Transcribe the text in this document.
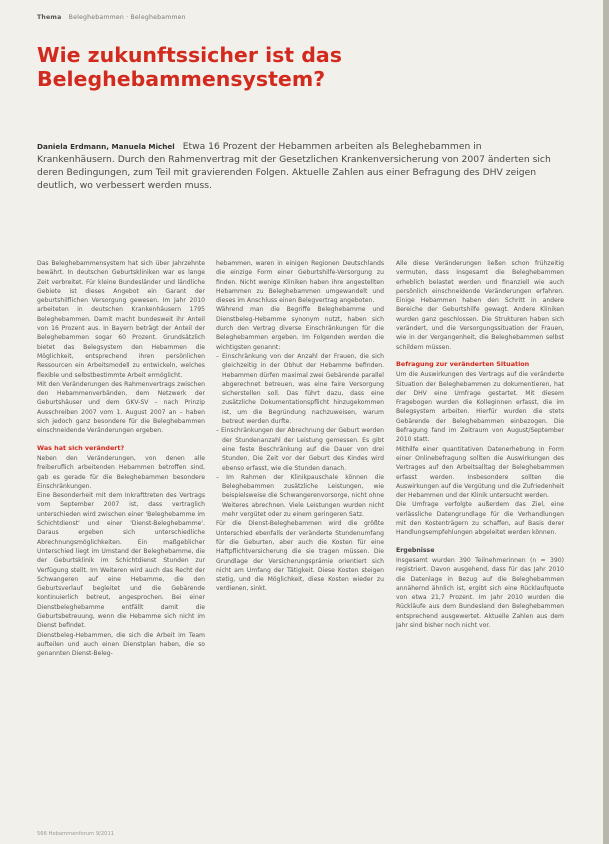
Thema Beleghebammen · Beleghebammen
Wie zukunftssicher ist das Beleghebammensystem?
Daniela Erdmann, Manuela Michel Etwa 16 Prozent der Hebammen arbeiten als Beleghebammen in Krankenhäusern. Durch den Rahmenvertrag mit der Gesetzlichen Krankenversicherung von 2007 änderten sich deren Bedingungen, zum Teil mit gravierenden Folgen. Aktuelle Zahlen aus einer Befragung des DHV zeigen deutlich, wo verbessert werden muss.

Das Beleghebammensystem hat sich über Jahrzehnte bewährt. In deutschen Geburtskliniken war es lange Zeit verbreitet. Für kleine Bundesländer und ländliche Gebiete ist dieses Angebot ein Garant der geburtshilflichen Versorgung gewesen. Im Jahr 2010 arbeiteten in deutschen Krankenhäusern 1795 Beleghebammen. Damit macht bundesweit ihr Anteil von 16 Prozent aus. In Bayern beträgt der Anteil der Beleghebammen sogar 60 Prozent. Grundsätzlich bietet das Belegsystem den Hebammen die Möglichkeit, entsprechend ihren persönlichen Ressourcen ein Arbeitsmodell zu entwickeln, welches flexible und selbstbestimmte Arbeit ermöglicht.

Mit den Veränderungen des Rahmenvertrags zwischen den Hebammenverbänden, dem Netzwerk der Geburtshäuser und dem GKV-SV – nach Prinzip Ausschreiben 2007 vom 1. August 2007 an – haben sich jedoch ganz besondere für die Beleghebammen einschneidende Veränderungen ergeben.

Was hat sich verändert?

Neben den Veränderungen, von denen alle freiberuflich arbeitenden Hebammen betroffen sind, gab es gerade für die Beleghebammen besondere Einschränkungen.

Eine Besonderheit mit dem Inkrafttreten des Vertrags vom September 2007 ist, dass vertraglich unterschieden wird zwischen einer 'Beleghebamme im Schichtdienst' und einer 'Dienst-Beleghebamme'. Daraus ergeben sich unterschiedliche Abrechnungsmöglichkeiten. Ein maßgeblicher Unterschied liegt im Umstand der Beleghebamme, die der Geburtsklinik im Schichtdienst Stunden zur Verfügung stellt. Im Weiteren wird auch das Recht der Schwangeren auf eine Hebamme, die den Geburtsverlauf begleitet und die Gebärende kontinuierlich betreut, angesprochen. Bei einer Dienstbeleghebamme entfällt damit die Geburtsbetreuung, wenn die Hebamme sich nicht im Dienst befindet.

Dienstbeleg-Hebammen, die sich die Arbeit im Team aufteilen und auch einen Dienstplan haben, die so genannten Dienst-Beleg-

hebammen, waren in einigen Regionen Deutschlands die einzige Form einer Geburtshilfe-Versorgung zu finden. Nicht wenige Kliniken haben ihre angestellten Hebammen zu Beleghebammen umgewandelt und dieses im Anschluss einen Belegvertrag angeboten.

Während man die Begriffe Beleghebamme und Dienstbeleg-Hebamme synonym nutzt, haben sich durch den Vertrag diverse Einschränkungen für die Beleghebammen ergeben. Im Folgenden werden die wichtigsten genannt:

– Einschränkung von der Anzahl der Frauen, die sich gleichzeitig in der Obhut der Hebamme befinden. Hebammen dürfen maximal zwei Gebärende parallel abgerechnet betreuen, was eine faire Versorgung sicherstellen soll. Das führt dazu, dass eine zusätzliche Dokumentationspflicht hinzugekommen ist, um die Begründung nachzuweisen, warum betreut werden durfte.
– Einschränkungen der Abrechnung der Geburt werden der Stundenanzahl der Leistung gemessen. Es gibt eine feste Beschränkung auf die Dauer von drei Stunden. Die Zeit vor der Geburt des Kindes wird ebenso erfasst, wie die Stunden danach.
– Im Rahmen der Klinikpauschale können die Beleghebammen zusätzliche Leistungen, wie beispielsweise die Schwangerenvorsorge, nicht ohne Weiteres abrechnen. Viele Leistungen wurden nicht mehr vergütet oder zu einem geringeren Satz.

Für die Dienst-Beleghebammen wird die größte Unterschied ebenfalls der veränderte Stundenumfang für die Geburten, aber auch die Kosten für eine Haftpflichtversicherung die sie tragen müssen. Die Grundlage der Versicherungsprämie orientiert sich nicht am Umfang der Tätigkeit. Diese Kosten steigen stetig, und die Möglichkeit, diese Kosten wieder zu verdienen, sinkt.

Alle diese Veränderungen ließen schon frühzeitig vermuten, dass insgesamt die Beleghebammen erheblich belastet werden und finanziell wie auch persönlich einschneidende Veränderungen erfahren. Einige Hebammen haben den Schritt in andere Bereiche der Geburtshilfe gewagt. Andere Kliniken wurden ganz geschlossen. Die Strukturen haben sich verändert, und die Versorgungssituation der Frauen, wie in der Vergangenheit, die Beleghebammen selbst schildern müssen.

Befragung zur veränderten Situation

Um die Auswirkungen des Vertrags auf die veränderte Situation der Beleghebammen zu dokumentieren, hat der DHV eine Umfrage gestartet. Mit diesem Fragebogen wurden die Kolleginnen erfasst, die im Belegsystem arbeiten. Hierfür wurden die stets Gebärende der Beleghebammen einbezogen. Die Befragung fand im Zeitraum von August/September 2010 statt.

Mithilfe einer quantitativen Datenerhebung in Form einer Onlinebefragung sollten die Auswirkungen des Vertrages auf den Arbeitsalltag der Beleghebammen erfasst werden. Insbesondere sollten die Auswirkungen auf die Vergütung und die Zufriedenheit der Hebammen und der Klinik untersucht werden.

Die Umfrage verfolgte außerdem das Ziel, eine verlässliche Datengrundlage für die Verhandlungen mit den Kostenträgern zu schaffen, auf Basis derer Handlungsempfehlungen abgeleitet werden können.

Ergebnisse

Insgesamt wurden 390 Teilnehmerinnen (n = 390) registriert. Davon ausgehend, dass für das Jahr 2010 die Datenlage in Bezug auf die Beleghebammen annähernd ähnlich ist, ergibt sich eine Rücklaufquote von etwa 21,7 Prozent. Im Jahr 2010 wurden die Rückläufe aus dem Bundesland den Beleghebammen entsprechend ausgewertet. Aktuelle Zahlen aus dem Jahr sind bisher noch nicht vor.

566 Hebammenforum 9/2011
